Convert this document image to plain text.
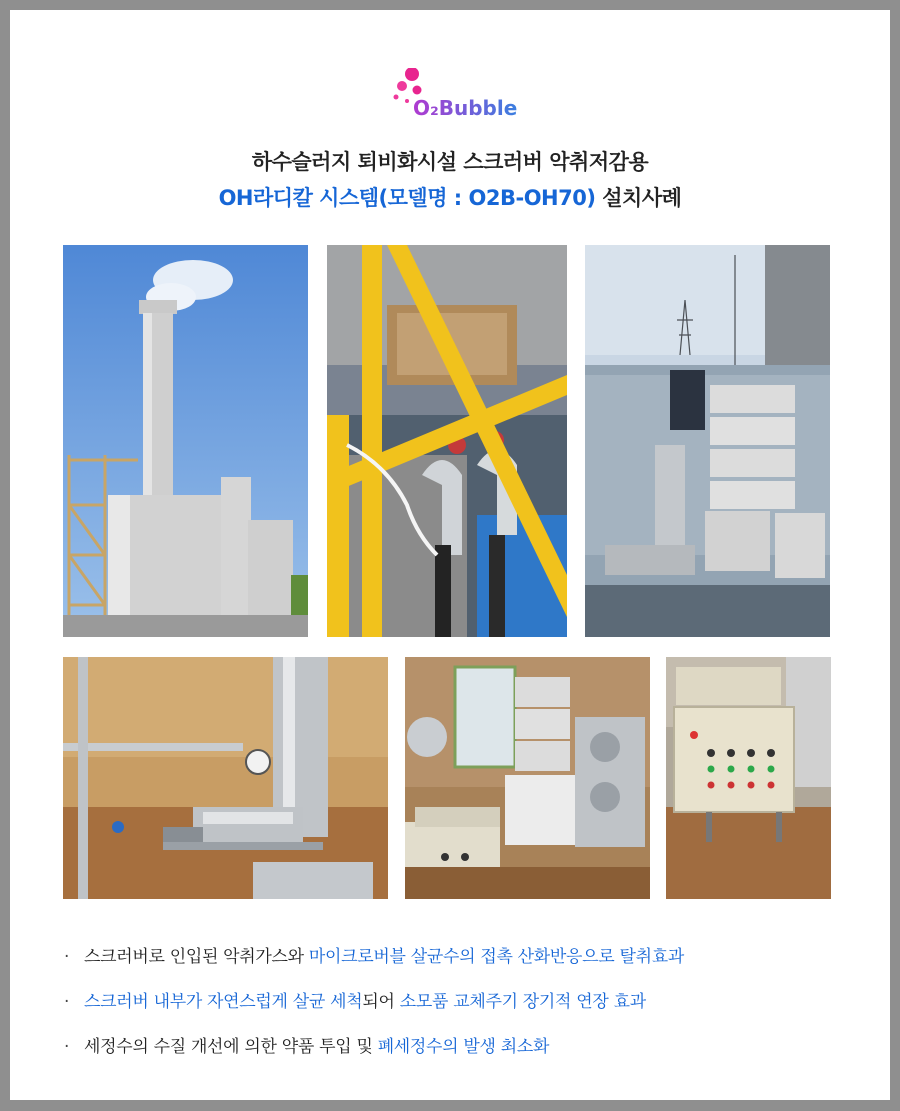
O₂Bubble
하수슬러지 퇴비화시설 스크러버 악취저감용
OH라디칼 시스템(모델명 : O2B-OH70) 설치사례
· 스크러버로 인입된 악취가스와 마이크로버블 살균수의 접촉 산화반응으로 탈취효과
· 스크러버 내부가 자연스럽게 살균 세척되어 소모품 교체주기 장기적 연장 효과
· 세정수의 수질 개선에 의한 약품 투입 및 폐세정수의 발생 최소화
